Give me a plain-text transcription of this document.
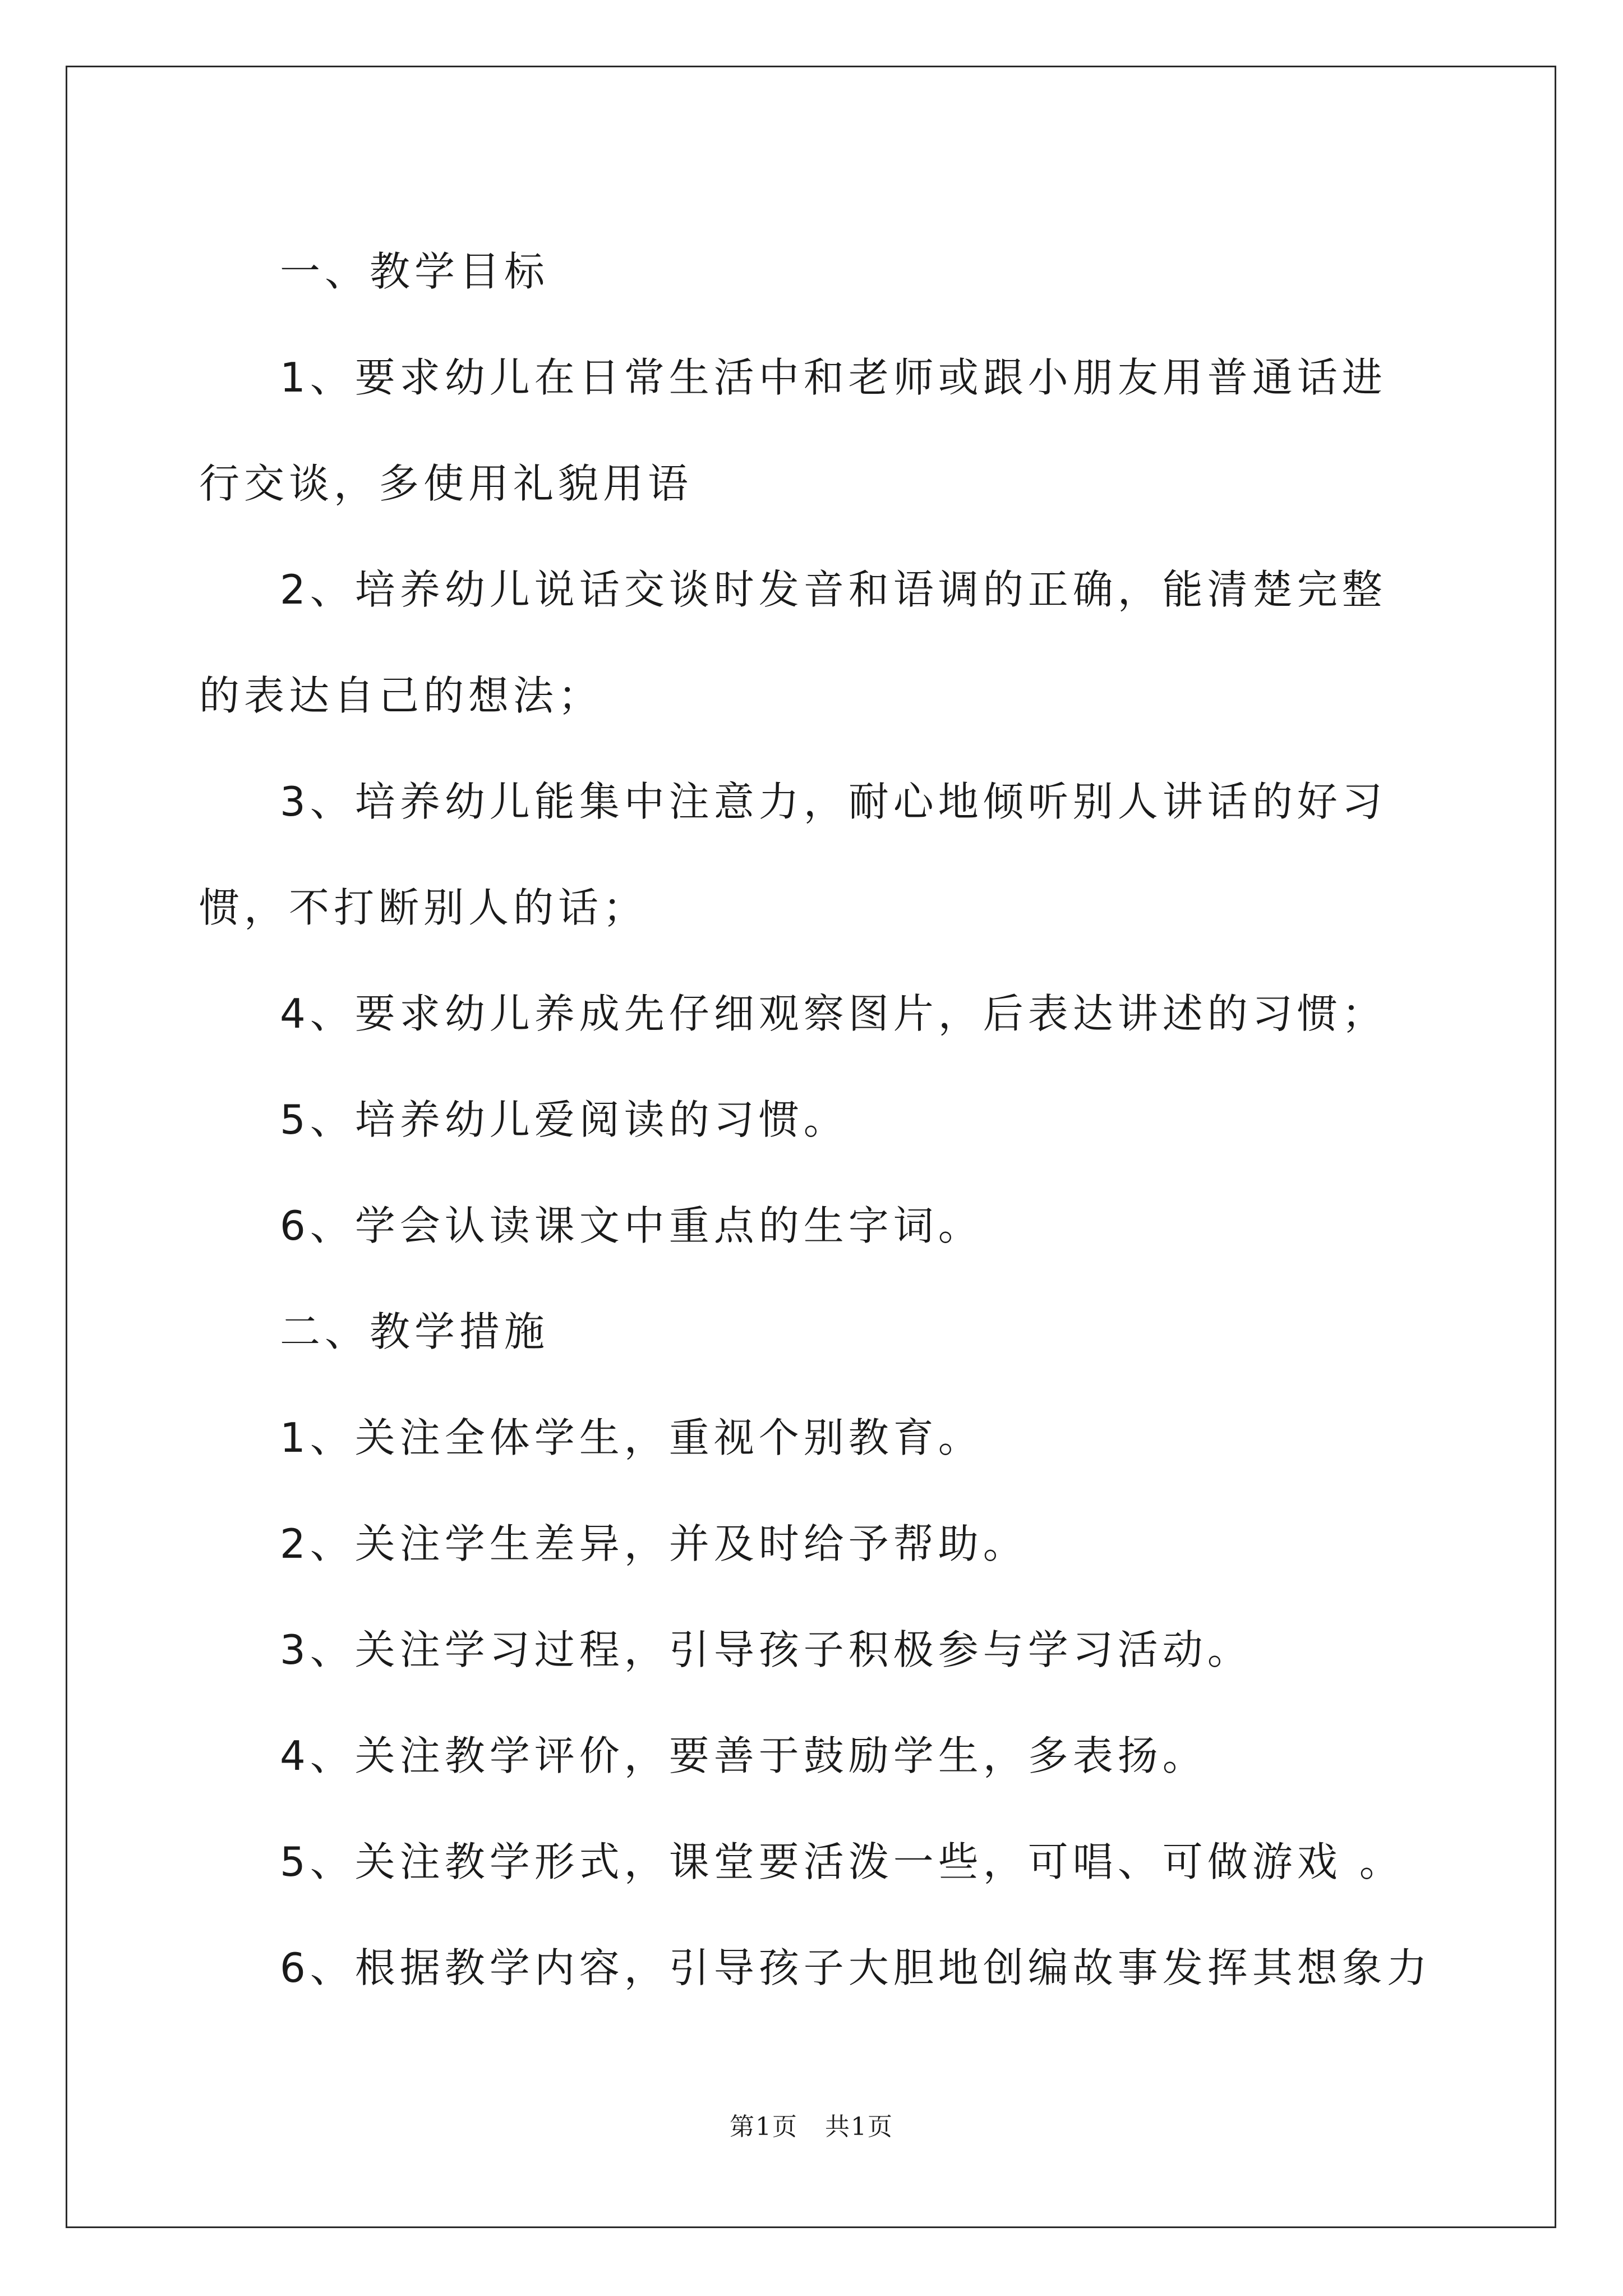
一、教学目标

1、要求幼儿在日常生活中和老师或跟小朋友用普通话进行交谈，多使用礼貌用语

2、培养幼儿说话交谈时发音和语调的正确，能清楚完整的表达自己的想法；

3、培养幼儿能集中注意力，耐心地倾听别人讲话的好习惯，不打断别人的话；

4、要求幼儿养成先仔细观察图片，后表达讲述的习惯；

5、培养幼儿爱阅读的习惯。

6、学会认读课文中重点的生字词。

二、教学措施

1、关注全体学生，重视个别教育。

2、关注学生差异，并及时给予帮助。

3、关注学习过程，引导孩子积极参与学习活动。

4、关注教学评价，要善于鼓励学生，多表扬。

5、关注教学形式，课堂要活泼一些，可唱、可做游戏 。

6、根据教学内容，引导孩子大胆地创编故事发挥其想象力

第1页 共1页
